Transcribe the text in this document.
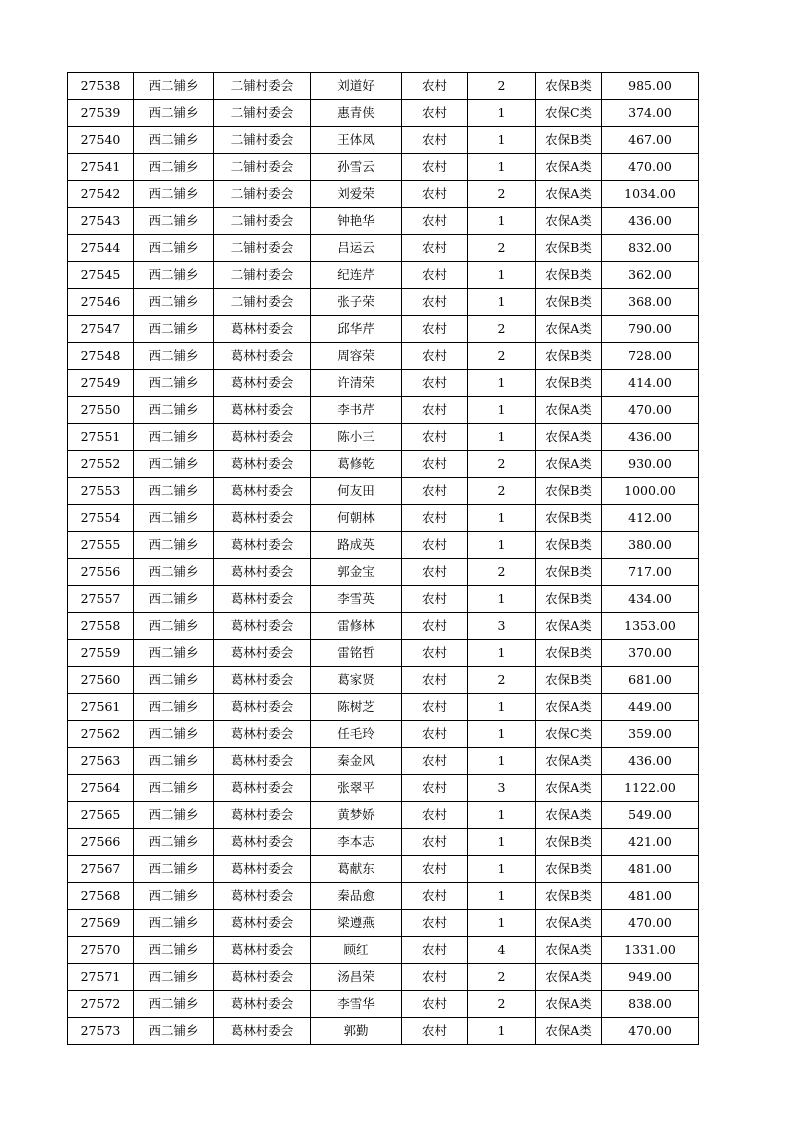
27538	西二铺乡	二铺村委会	刘道好	农村	2	农保B类	985.00
27539	西二铺乡	二铺村委会	惠青侠	农村	1	农保C类	374.00
27540	西二铺乡	二铺村委会	王体凤	农村	1	农保B类	467.00
27541	西二铺乡	二铺村委会	孙雪云	农村	1	农保A类	470.00
27542	西二铺乡	二铺村委会	刘爱荣	农村	2	农保A类	1034.00
27543	西二铺乡	二铺村委会	钟艳华	农村	1	农保A类	436.00
27544	西二铺乡	二铺村委会	吕运云	农村	2	农保B类	832.00
27545	西二铺乡	二铺村委会	纪连芹	农村	1	农保B类	362.00
27546	西二铺乡	二铺村委会	张子荣	农村	1	农保B类	368.00
27547	西二铺乡	葛林村委会	邱华芹	农村	2	农保A类	790.00
27548	西二铺乡	葛林村委会	周容荣	农村	2	农保B类	728.00
27549	西二铺乡	葛林村委会	许清荣	农村	1	农保B类	414.00
27550	西二铺乡	葛林村委会	李书芹	农村	1	农保A类	470.00
27551	西二铺乡	葛林村委会	陈小三	农村	1	农保A类	436.00
27552	西二铺乡	葛林村委会	葛修乾	农村	2	农保A类	930.00
27553	西二铺乡	葛林村委会	何友田	农村	2	农保B类	1000.00
27554	西二铺乡	葛林村委会	何朝林	农村	1	农保B类	412.00
27555	西二铺乡	葛林村委会	路成英	农村	1	农保B类	380.00
27556	西二铺乡	葛林村委会	郭金宝	农村	2	农保B类	717.00
27557	西二铺乡	葛林村委会	李雪英	农村	1	农保B类	434.00
27558	西二铺乡	葛林村委会	雷修林	农村	3	农保A类	1353.00
27559	西二铺乡	葛林村委会	雷铭哲	农村	1	农保B类	370.00
27560	西二铺乡	葛林村委会	葛家贤	农村	2	农保B类	681.00
27561	西二铺乡	葛林村委会	陈树芝	农村	1	农保A类	449.00
27562	西二铺乡	葛林村委会	任毛玲	农村	1	农保C类	359.00
27563	西二铺乡	葛林村委会	秦金风	农村	1	农保A类	436.00
27564	西二铺乡	葛林村委会	张翠平	农村	3	农保A类	1122.00
27565	西二铺乡	葛林村委会	黄梦娇	农村	1	农保A类	549.00
27566	西二铺乡	葛林村委会	李本志	农村	1	农保B类	421.00
27567	西二铺乡	葛林村委会	葛献东	农村	1	农保B类	481.00
27568	西二铺乡	葛林村委会	秦品愈	农村	1	农保B类	481.00
27569	西二铺乡	葛林村委会	梁遵燕	农村	1	农保A类	470.00
27570	西二铺乡	葛林村委会	顾红	农村	4	农保A类	1331.00
27571	西二铺乡	葛林村委会	汤昌荣	农村	2	农保A类	949.00
27572	西二铺乡	葛林村委会	李雪华	农村	2	农保A类	838.00
27573	西二铺乡	葛林村委会	郭勤	农村	1	农保A类	470.00
